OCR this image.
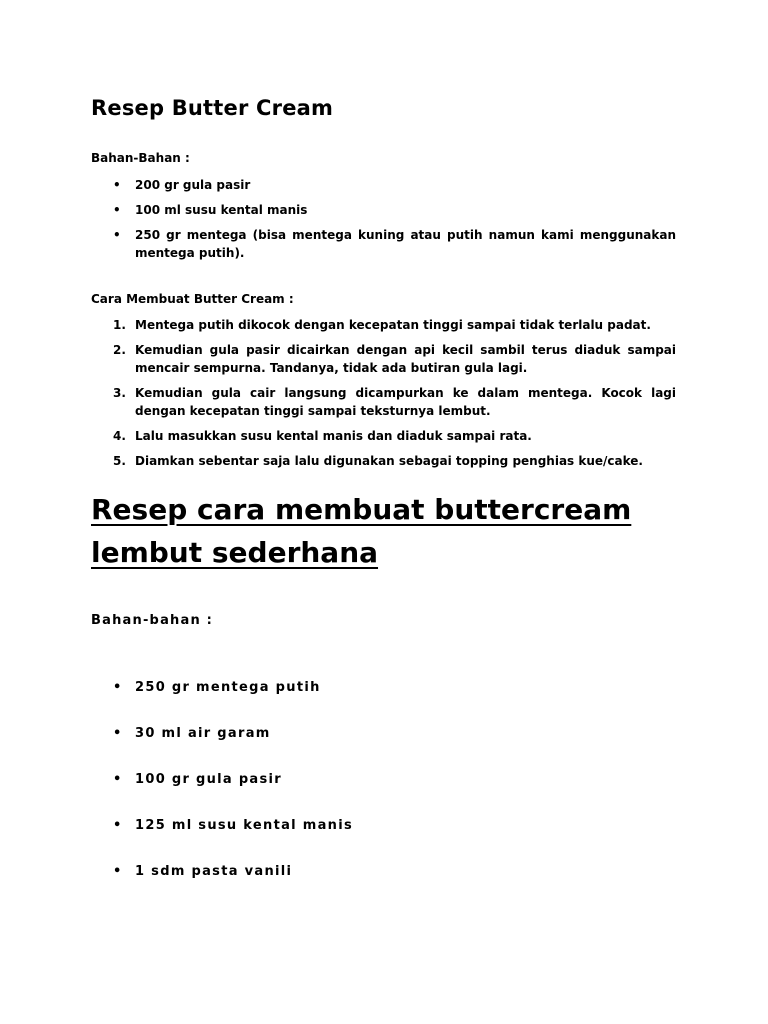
Resep Butter Cream

Bahan-Bahan :

• 200 gr gula pasir
• 100 ml susu kental manis
• 250 gr mentega (bisa mentega kuning atau putih namun kami menggunakan mentega putih).

Cara Membuat Butter Cream :

1. Mentega putih dikocok dengan kecepatan tinggi sampai tidak terlalu padat.
2. Kemudian gula pasir dicairkan dengan api kecil sambil terus diaduk sampai mencair sempurna. Tandanya, tidak ada butiran gula lagi.
3. Kemudian gula cair langsung dicampurkan ke dalam mentega. Kocok lagi dengan kecepatan tinggi sampai teksturnya lembut.
4. Lalu masukkan susu kental manis dan diaduk sampai rata.
5. Diamkan sebentar saja lalu digunakan sebagai topping penghias kue/cake.
Resep cara membuat buttercream lembut sederhana

Bahan-bahan :

• 250 gr mentega putih
• 30 ml air garam
• 100 gr gula pasir
• 125 ml susu kental manis
• 1 sdm pasta vanili
